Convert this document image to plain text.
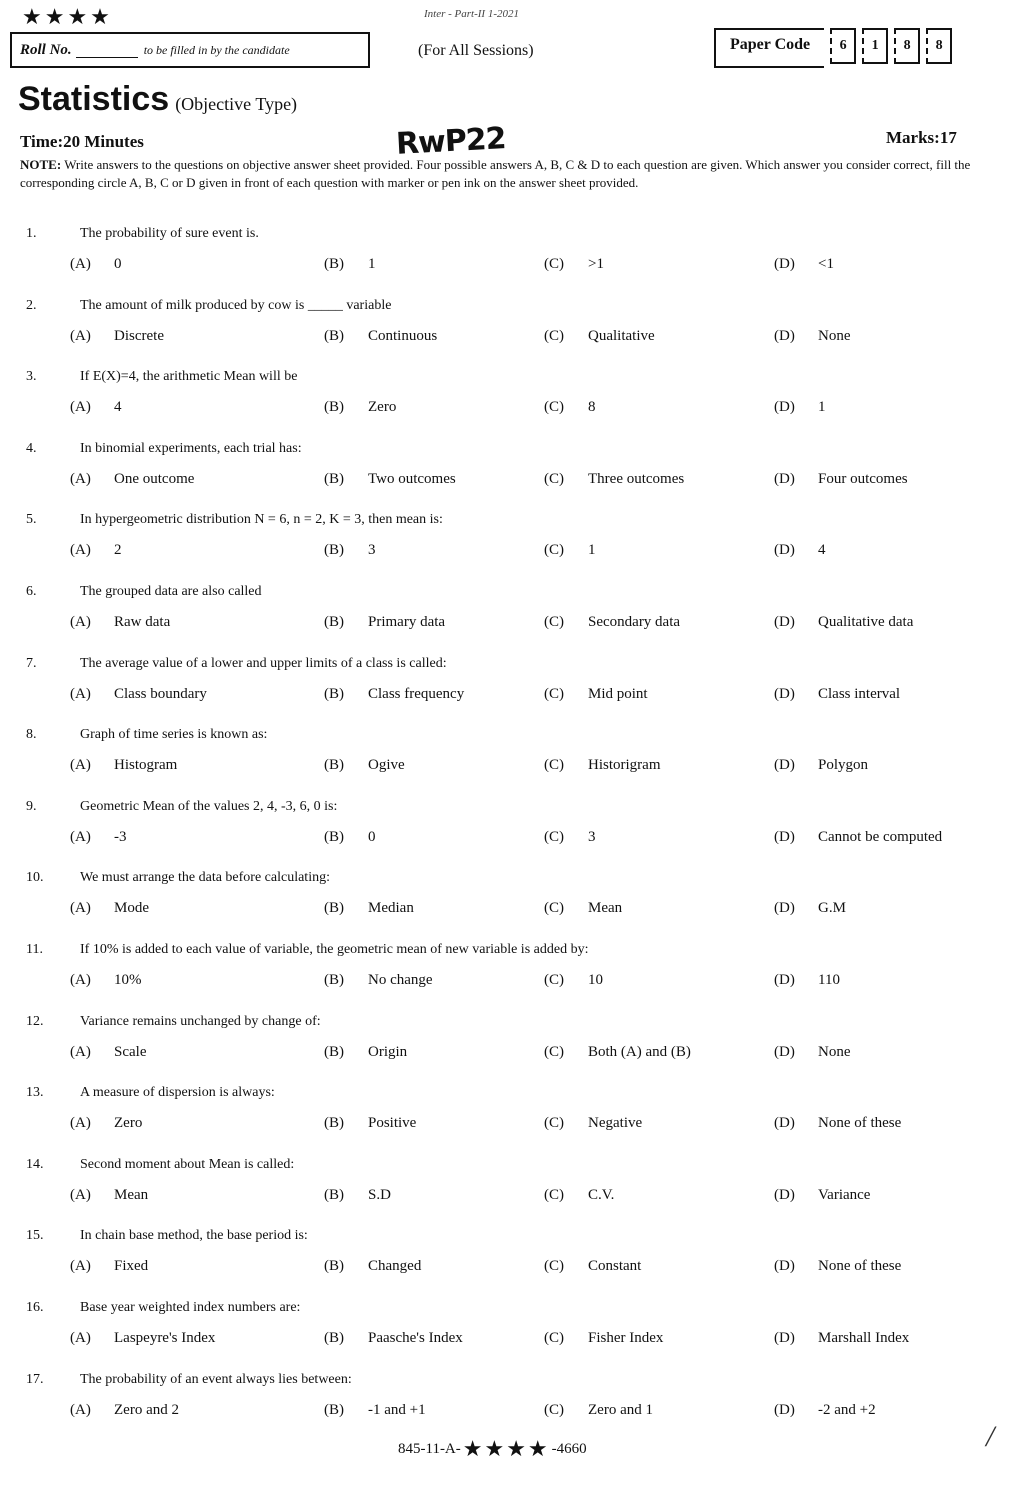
★★★★	Inter - Part-II 1-2021
Roll No.	to be filled in by the candidate	(For All Sessions)	Paper Code	6	1	8	8
Statistics (Objective Type)
Time:20 Minutes	RwP22	Marks:17
NOTE: Write answers to the questions on objective answer sheet provided. Four possible answers A, B, C & D to each question are given. Which answer you consider correct, fill the corresponding circle A, B, C or D given in front of each question with marker or pen ink on the answer sheet provided.
1.	The probability of sure event is.
(A)	0	(B)	1	(C)	>1	(D)	<1
2.	The amount of milk produced by cow is _____ variable
(A)	Discrete	(B)	Continuous	(C)	Qualitative	(D)	None
3.	If E(X)=4, the arithmetic Mean will be
(A)	4	(B)	Zero	(C)	8	(D)	1
4.	In binomial experiments, each trial has:
(A)	One outcome	(B)	Two outcomes	(C)	Three outcomes	(D)	Four outcomes
5.	In hypergeometric distribution N = 6, n = 2, K = 3, then mean is:
(A)	2	(B)	3	(C)	1	(D)	4
6.	The grouped data are also called
(A)	Raw data	(B)	Primary data	(C)	Secondary data	(D)	Qualitative data
7.	The average value of a lower and upper limits of a class is called:
(A)	Class boundary	(B)	Class frequency	(C)	Mid point	(D)	Class interval
8.	Graph of time series is known as:
(A)	Histogram	(B)	Ogive	(C)	Historigram	(D)	Polygon
9.	Geometric Mean of the values 2, 4, -3, 6, 0 is:
(A)	-3	(B)	0	(C)	3	(D)	Cannot be computed
10.	We must arrange the data before calculating:
(A)	Mode	(B)	Median	(C)	Mean	(D)	G.M
11.	If 10% is added to each value of variable, the geometric mean of new variable is added by:
(A)	10%	(B)	No change	(C)	10	(D)	110
12.	Variance remains unchanged by change of:
(A)	Scale	(B)	Origin	(C)	Both (A) and (B)	(D)	None
13.	A measure of dispersion is always:
(A)	Zero	(B)	Positive	(C)	Negative	(D)	None of these
14.	Second moment about Mean is called:
(A)	Mean	(B)	S.D	(C)	C.V.	(D)	Variance
15.	In chain base method, the base period is:
(A)	Fixed	(B)	Changed	(C)	Constant	(D)	None of these
16.	Base year weighted index numbers are:
(A)	Laspeyre's Index	(B)	Paasche's Index	(C)	Fisher Index	(D)	Marshall Index
17.	The probability of an event always lies between:
(A)	Zero and 2	(B)	-1 and +1	(C)	Zero and 1	(D)	-2 and +2
845-11-A- ★★★★ -4660	/
